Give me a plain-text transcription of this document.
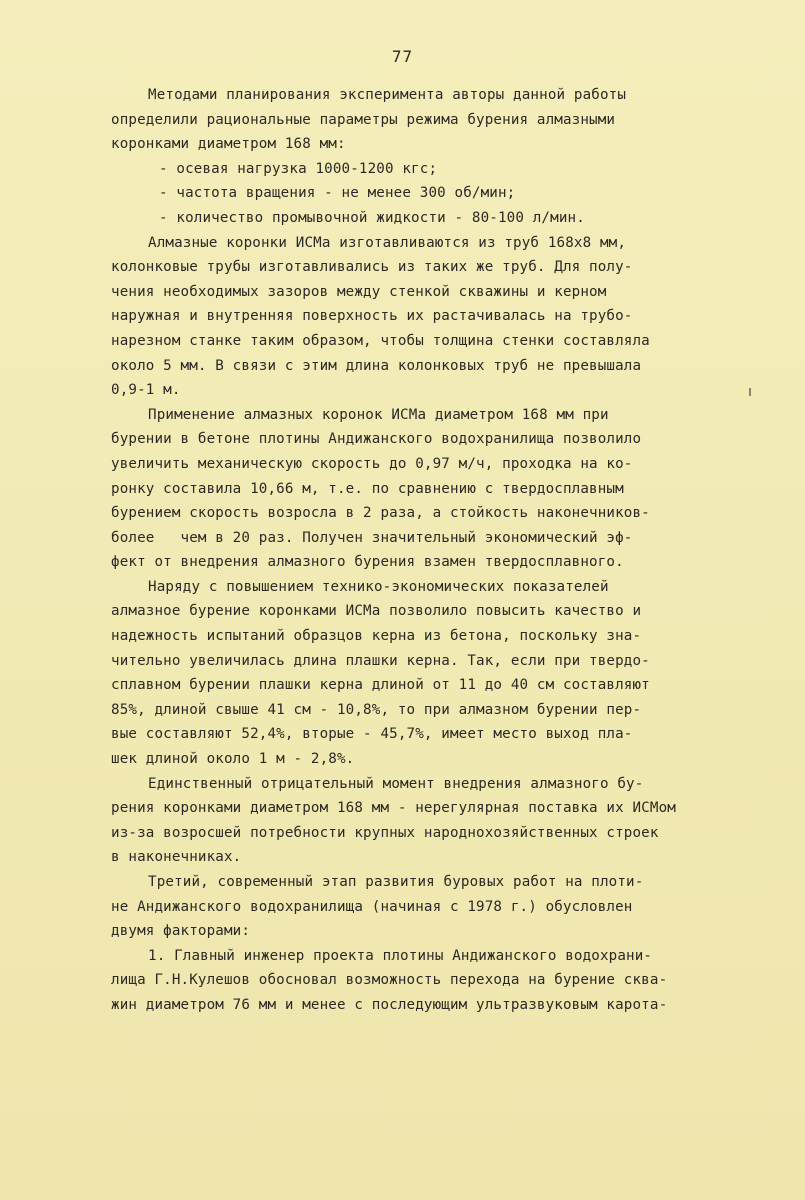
77
Методами планирования эксперимента авторы данной работы
определили рациональные параметры режима бурения алмазными
коронками диаметром 168 мм:
- осевая нагрузка 1000-1200 кгс;
- частота вращения - не менее 300 об/мин;
- количество промывочной жидкости - 80-100 л/мин.
Алмазные коронки ИСМа изготавливаются из труб 168х8 мм,
колонковые трубы изготавливались из таких же труб. Для полу-
чения необходимых зазоров между стенкой скважины и керном
наружная и внутренняя поверхность их растачивалась на трубо-
нарезном станке таким образом, чтобы толщина стенки составляла
около 5 мм. В связи с этим длина колонковых труб не превышала
0,9-1 м.
Применение алмазных коронок ИСМа диаметром 168 мм при
бурении в бетоне плотины Андижанского водохранилища позволило
увеличить механическую скорость до 0,97 м/ч, проходка на ко-
ронку составила 10,66 м, т.е. по сравнению с твердосплавным
бурением скорость возросла в 2 раза, а стойкость наконечников-
более   чем в 20 раз. Получен значительный экономический эф-
фект от внедрения алмазного бурения взамен твердосплавного.
Наряду с повышением технико-экономических показателей
алмазное бурение коронками ИСМа позволило повысить качество и
надежность испытаний образцов керна из бетона, поскольку зна-
чительно увеличилась длина плашки керна. Так, если при твердо-
сплавном бурении плашки керна длиной от 11 до 40 см составляют
85%, длиной свыше 41 см - 10,8%, то при алмазном бурении пер-
вые составляют 52,4%, вторые - 45,7%, имеет место выход пла-
шек длиной около 1 м - 2,8%.
Единственный отрицательный момент внедрения алмазного бу-
рения коронками диаметром 168 мм - нерегулярная поставка их ИСМом
из-за возросшей потребности крупных народнохозяйственных строек
в наконечниках.
Третий, современный этап развития буровых работ на плоти-
не Андижанского водохранилища (начиная с 1978 г.) обусловлен
двумя факторами:
1. Главный инженер проекта плотины Андижанского водохрани-
лища Г.Н.Кулешов обосновал возможность перехода на бурение сква-
жин диаметром 76 мм и менее с последующим ультразвуковым карота-
